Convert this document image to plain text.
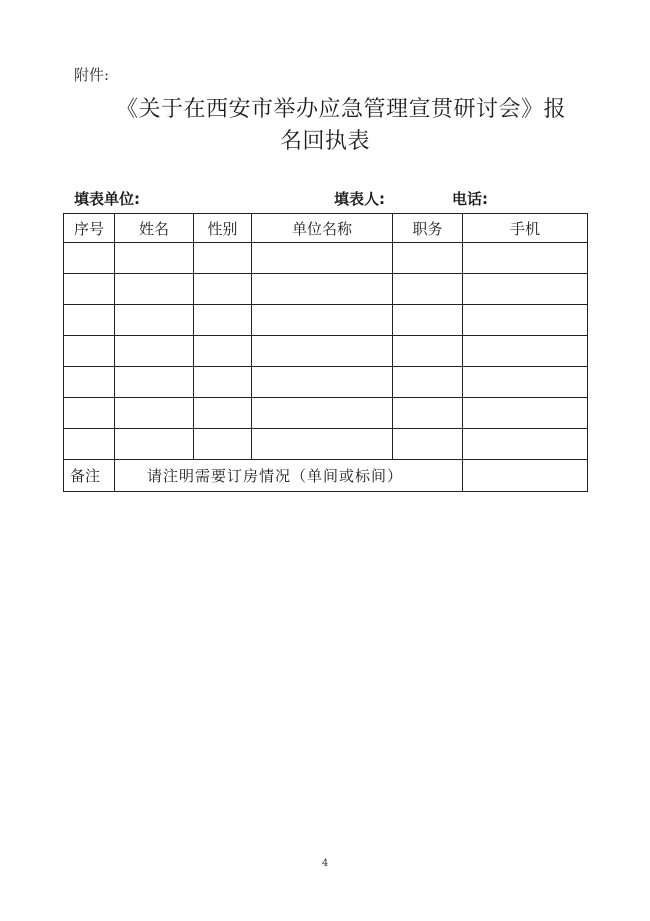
附件:
《关于在西安市举办应急管理宣贯研讨会》报
名回执表
填表单位:	填表人:	电话:
序号	姓名	性别	单位名称	职务	手机

备注	请注明需要订房情况（单间或标间）				
4
